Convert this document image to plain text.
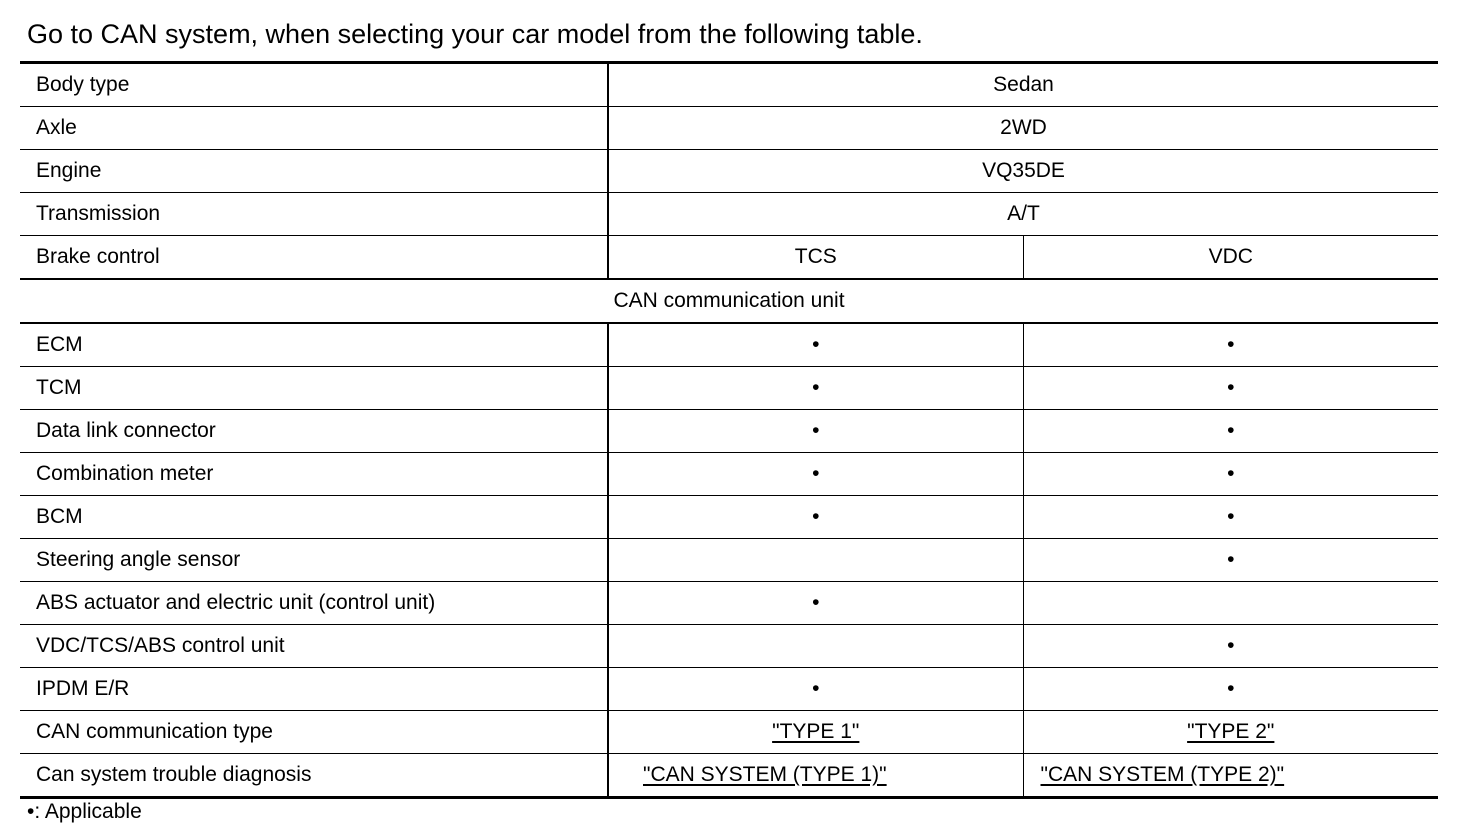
Go to CAN system, when selecting your car model from the following table.
Body type	Sedan	
Axle	2WD	
Engine	VQ35DE	
Transmission	A/T	
Brake control	TCS	VDC
CAN communication unit		
ECM	•	•
TCM	•	•
Data link connector	•	•
Combination meter	•	•
BCM	•	•
Steering angle sensor		•
ABS actuator and electric unit (control unit)	•	
VDC/TCS/ABS control unit		•
IPDM E/R	•	•
CAN communication type	"TYPE 1"	"TYPE 2"
Can system trouble diagnosis	"CAN SYSTEM (TYPE 1)"	"CAN SYSTEM (TYPE 2)"
•: Applicable
